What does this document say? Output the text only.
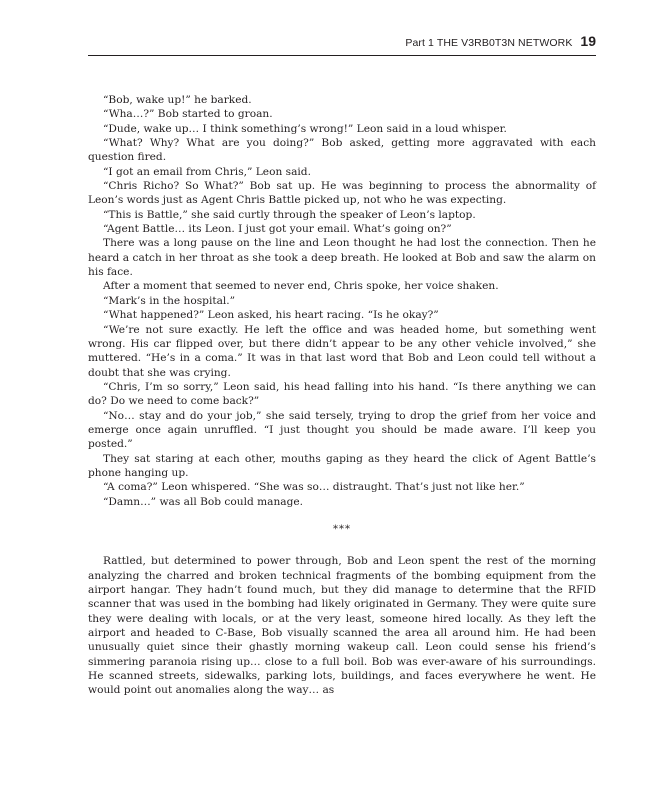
Part 1 THE V3RB0T3N NETWORK 19

“Bob, wake up!” he barked.

“Wha…?” Bob started to groan.

“Dude, wake up… I think something’s wrong!” Leon said in a loud whisper.

“What? Why? What are you doing?” Bob asked, getting more aggravated with each question fired.

“I got an email from Chris,” Leon said.

“Chris Richo? So What?” Bob sat up. He was beginning to process the abnormality of Leon’s words just as Agent Chris Battle picked up, not who he was expecting.

“This is Battle,” she said curtly through the speaker of Leon’s laptop.

“Agent Battle… its Leon. I just got your email. What’s going on?”

There was a long pause on the line and Leon thought he had lost the connection. Then he heard a catch in her throat as she took a deep breath. He looked at Bob and saw the alarm on his face.

After a moment that seemed to never end, Chris spoke, her voice shaken.

“Mark’s in the hospital.”

“What happened?” Leon asked, his heart racing. “Is he okay?”

“We’re not sure exactly. He left the office and was headed home, but something went wrong. His car flipped over, but there didn’t appear to be any other vehicle involved,” she muttered. “He’s in a coma.” It was in that last word that Bob and Leon could tell without a doubt that she was crying.

“Chris, I’m so sorry,” Leon said, his head falling into his hand. “Is there anything we can do? Do we need to come back?”

“No… stay and do your job,” she said tersely, trying to drop the grief from her voice and emerge once again unruffled. “I just thought you should be made aware. I’ll keep you posted.”

They sat staring at each other, mouths gaping as they heard the click of Agent Battle’s phone hanging up.

“A coma?” Leon whispered. “She was so… distraught. That’s just not like her.”

“Damn…” was all Bob could manage.

***

Rattled, but determined to power through, Bob and Leon spent the rest of the morning analyzing the charred and broken technical fragments of the bombing equipment from the airport hangar. They hadn’t found much, but they did manage to determine that the RFID scanner that was used in the bombing had likely originated in Germany. They were quite sure they were dealing with locals, or at the very least, someone hired locally. As they left the airport and headed to C-Base, Bob visually scanned the area all around him. He had been unusually quiet since their ghastly morning wakeup call. Leon could sense his friend’s simmering paranoia rising up… close to a full boil. Bob was ever-aware of his surroundings. He scanned streets, sidewalks, parking lots, buildings, and faces everywhere he went. He would point out anomalies along the way… as
